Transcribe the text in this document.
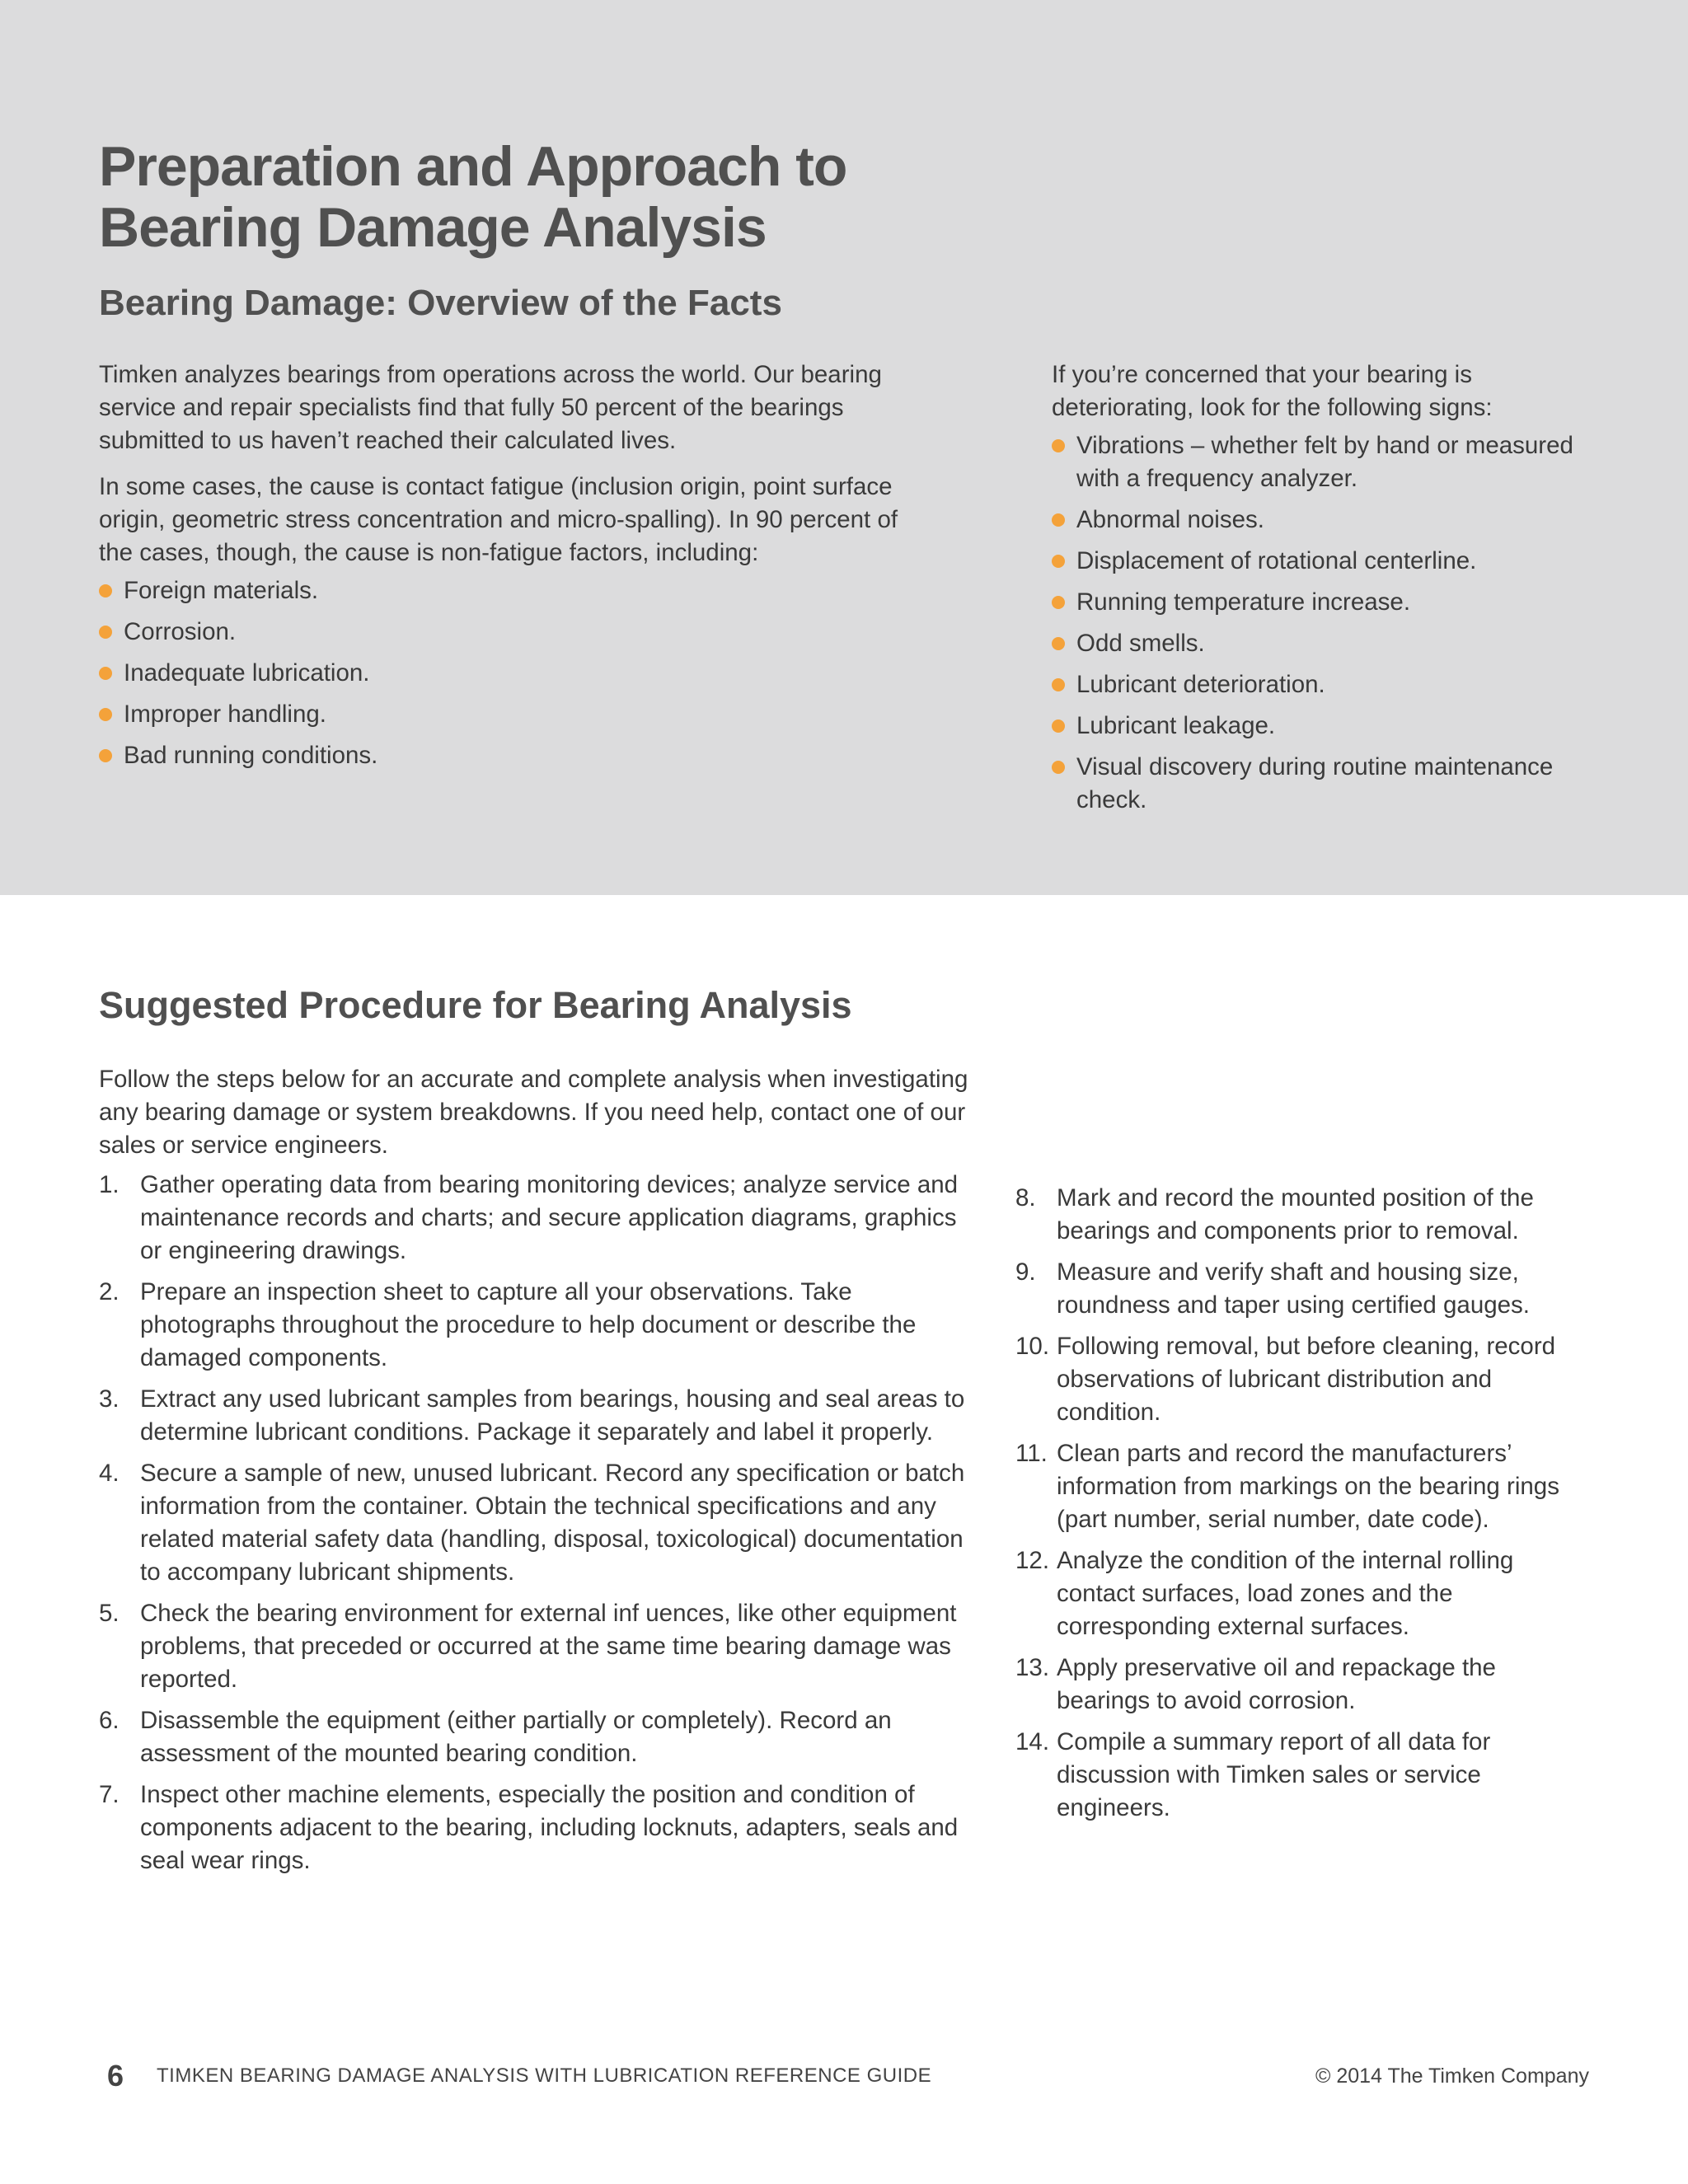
Preparation and Approach to
Bearing Damage Analysis
Bearing Damage: Overview of the Facts

Timken analyzes bearings from operations across the world. Our bearing service and repair specialists find that fully 50 percent of the bearings submitted to us haven’t reached their calculated lives.

In some cases, the cause is contact fatigue (inclusion origin, point surface origin, geometric stress concentration and micro-spalling). In 90 percent of the cases, though, the cause is non-fatigue factors, including:

Foreign materials.
Corrosion.
Inadequate lubrication.
Improper handling.
Bad running conditions.

If you’re concerned that your bearing is deteriorating, look for the following signs:

Vibrations – whether felt by hand or measured with a frequency analyzer.
Abnormal noises.
Displacement of rotational centerline.
Running temperature increase.
Odd smells.
Lubricant deterioration.
Lubricant leakage.
Visual discovery during routine maintenance check.
Suggested Procedure for Bearing Analysis

Follow the steps below for an accurate and complete analysis when investigating any bearing damage or system breakdowns. If you need help, contact one of our sales or service engineers.

1. Gather operating data from bearing monitoring devices; analyze service and maintenance records and charts; and secure application diagrams, graphics or engineering drawings.
2. Prepare an inspection sheet to capture all your observations. Take photographs throughout the procedure to help document or describe the damaged components.
3. Extract any used lubricant samples from bearings, housing and seal areas to determine lubricant conditions. Package it separately and label it properly.
4. Secure a sample of new, unused lubricant. Record any specification or batch information from the container. Obtain the technical specifications and any related material safety data (handling, disposal, toxicological) documentation to accompany lubricant shipments.
5. Check the bearing environment for external inf uences, like other equipment problems, that preceded or occurred at the same time bearing damage was reported.
6. Disassemble the equipment (either partially or completely). Record an assessment of the mounted bearing condition.
7. Inspect other machine elements, especially the position and condition of components adjacent to the bearing, including locknuts, adapters, seals and seal wear rings.
8. Mark and record the mounted position of the bearings and components prior to removal.
9. Measure and verify shaft and housing size, roundness and taper using certified gauges.
10. Following removal, but before cleaning, record observations of lubricant distribution and condition.
11. Clean parts and record the manufacturers’ information from markings on the bearing rings (part number, serial number, date code).
12. Analyze the condition of the internal rolling contact surfaces, load zones and the corresponding external surfaces.
13. Apply preservative oil and repackage the bearings to avoid corrosion.
14. Compile a summary report of all data for discussion with Timken sales or service engineers.
6 TIMKEN BEARING DAMAGE ANALYSIS WITH LUBRICATION REFERENCE GUIDE	© 2014 The Timken Company
